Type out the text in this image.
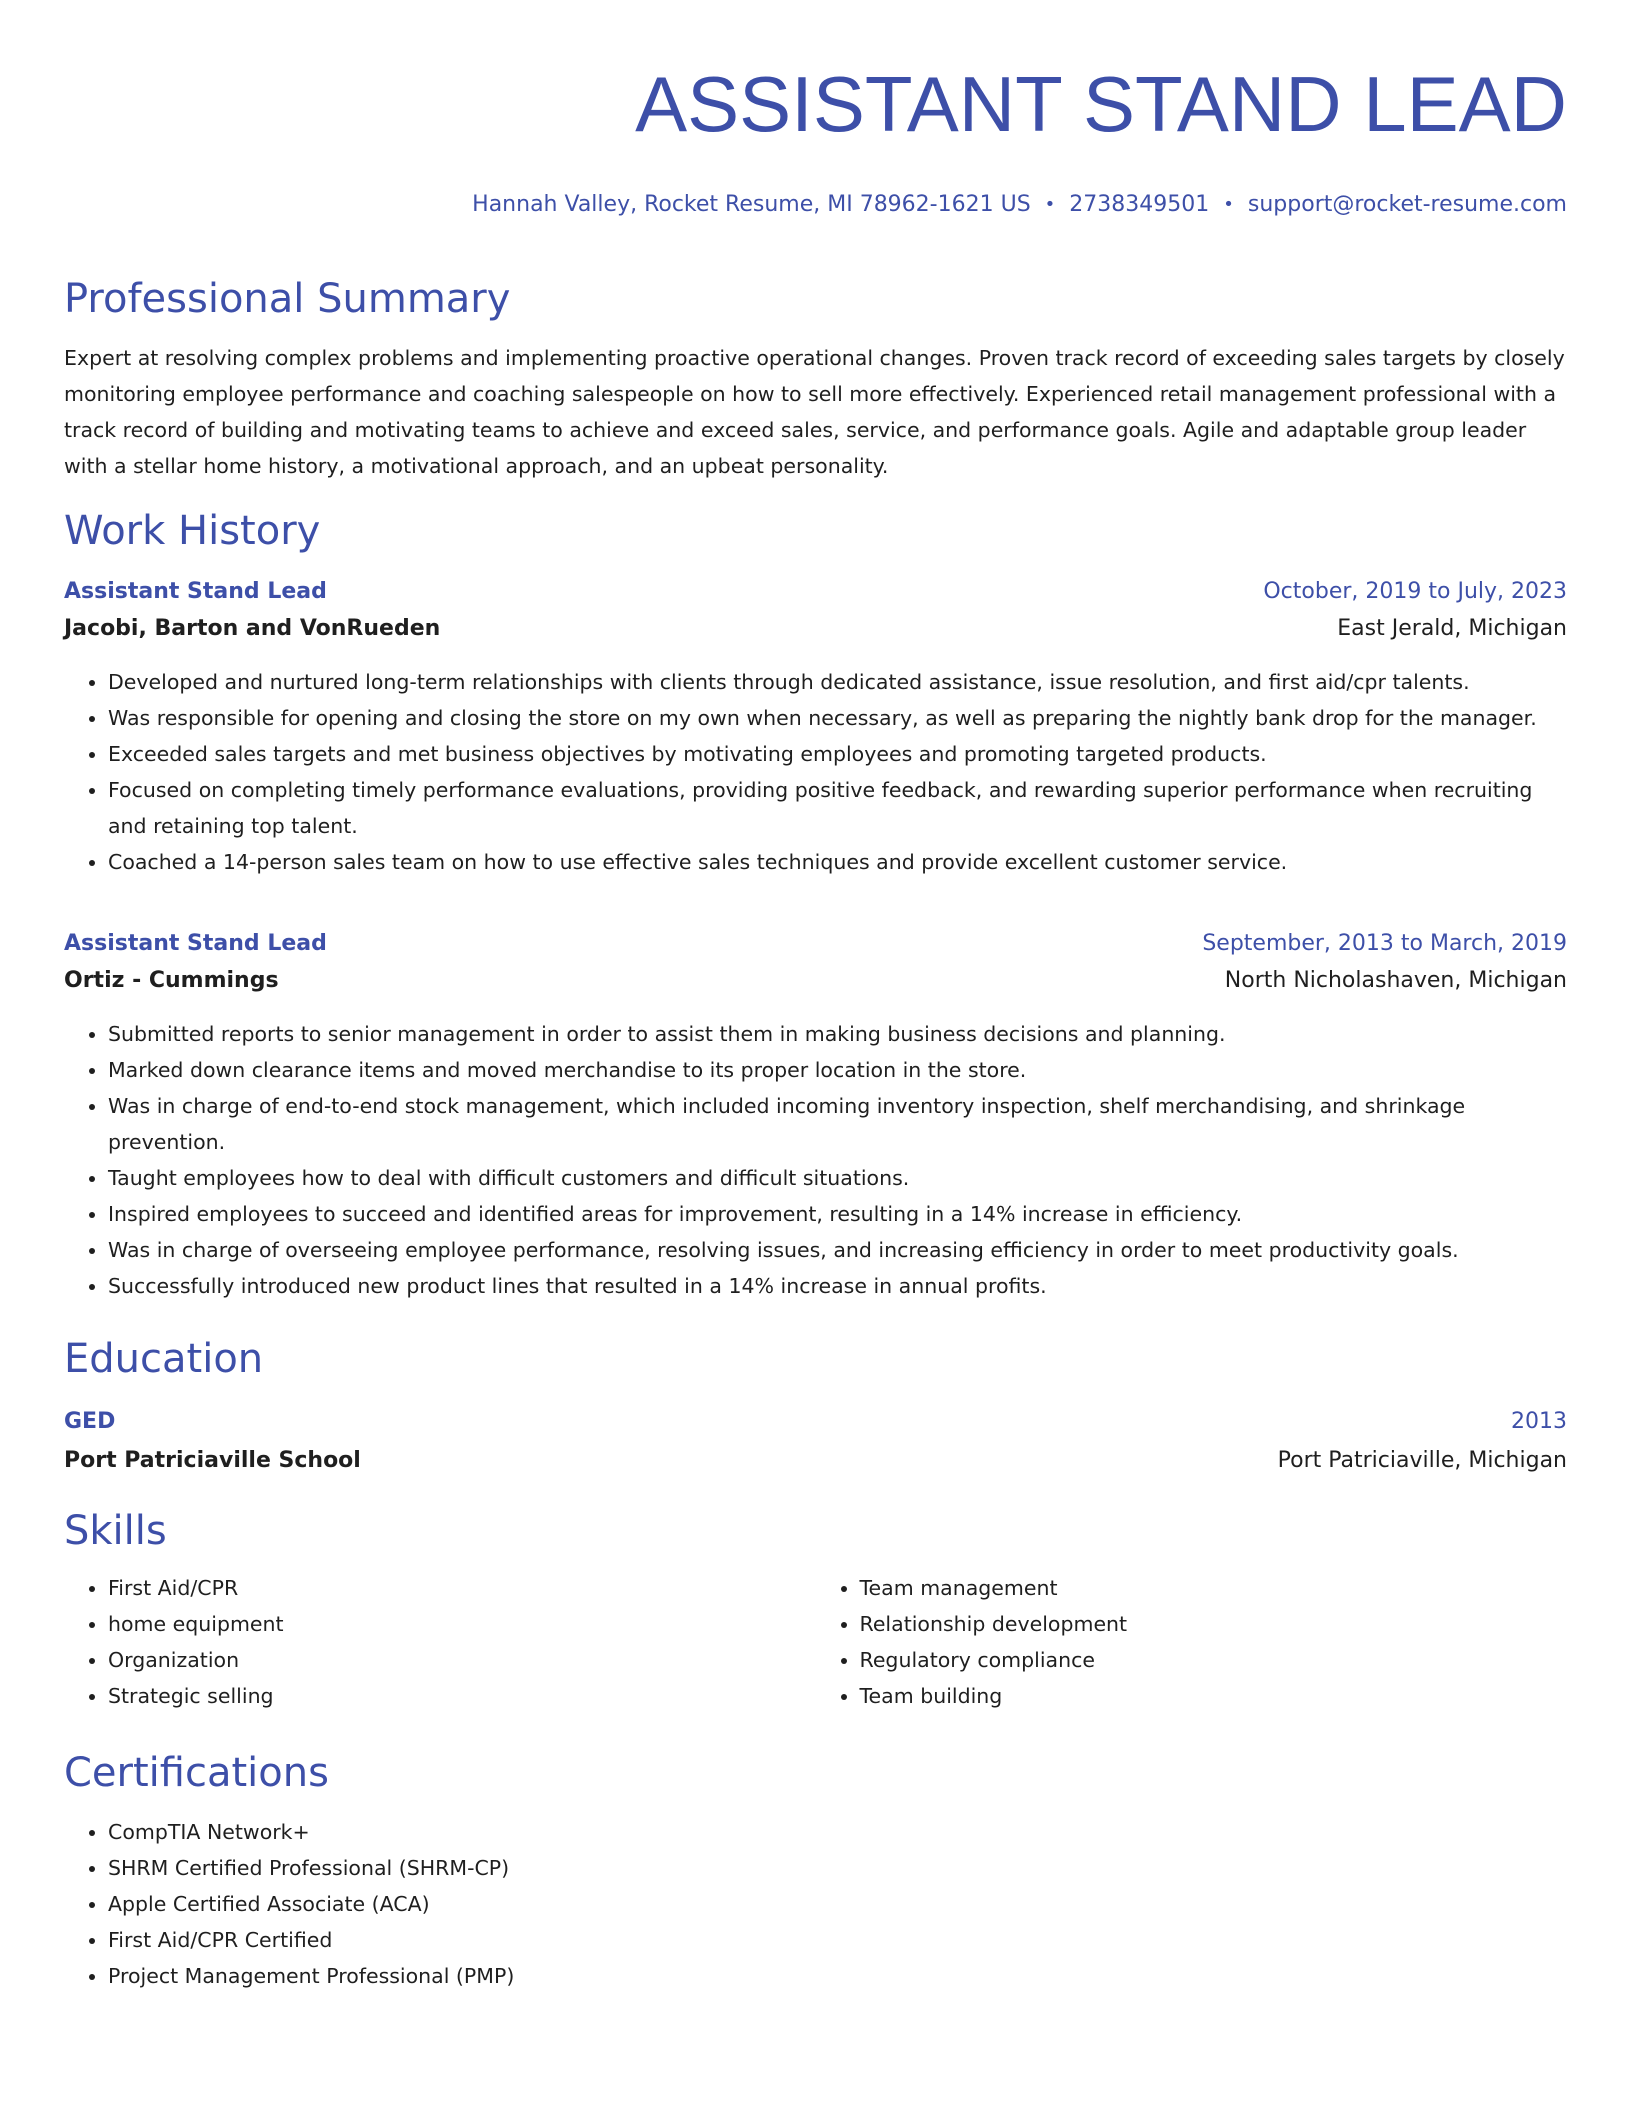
ASSISTANT STAND LEAD
Hannah Valley, Rocket Resume, MI 78962-1621 US • 2738349501 • support@rocket-resume.com
Professional Summary
Expert at resolving complex problems and implementing proactive operational changes. Proven track record of exceeding sales targets by closely monitoring employee performance and coaching salespeople on how to sell more effectively. Experienced retail management professional with a track record of building and motivating teams to achieve and exceed sales, service, and performance goals. Agile and adaptable group leader with a stellar home history, a motivational approach, and an upbeat personality.
Work History
Assistant Stand Lead	October, 2019 to July, 2023
Jacobi, Barton and VonRueden	East Jerald, Michigan
• Developed and nurtured long-term relationships with clients through dedicated assistance, issue resolution, and first aid/cpr talents.
• Was responsible for opening and closing the store on my own when necessary, as well as preparing the nightly bank drop for the manager.
• Exceeded sales targets and met business objectives by motivating employees and promoting targeted products.
• Focused on completing timely performance evaluations, providing positive feedback, and rewarding superior performance when recruiting and retaining top talent.
• Coached a 14-person sales team on how to use effective sales techniques and provide excellent customer service.
Assistant Stand Lead	September, 2013 to March, 2019
Ortiz - Cummings	North Nicholashaven, Michigan
• Submitted reports to senior management in order to assist them in making business decisions and planning.
• Marked down clearance items and moved merchandise to its proper location in the store.
• Was in charge of end-to-end stock management, which included incoming inventory inspection, shelf merchandising, and shrinkage prevention.
• Taught employees how to deal with difficult customers and difficult situations.
• Inspired employees to succeed and identified areas for improvement, resulting in a 14% increase in efficiency.
• Was in charge of overseeing employee performance, resolving issues, and increasing efficiency in order to meet productivity goals.
• Successfully introduced new product lines that resulted in a 14% increase in annual profits.
Education
GED	2013
Port Patriciaville School	Port Patriciaville, Michigan
Skills
• First Aid/CPR
• home equipment
• Organization
• Strategic selling
• Team management
• Relationship development
• Regulatory compliance
• Team building
Certifications
• CompTIA Network+
• SHRM Certified Professional (SHRM-CP)
• Apple Certified Associate (ACA)
• First Aid/CPR Certified
• Project Management Professional (PMP)
